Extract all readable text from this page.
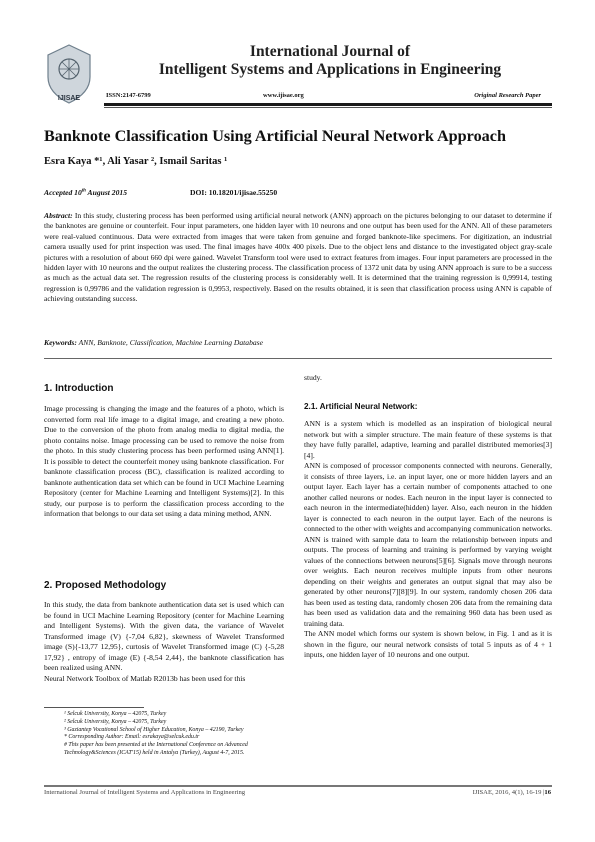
IJISAE
International Journal of
Intelligent Systems and Applications in Engineering
ISSN:2147-6799	www.ijisae.org	Original Research Paper
Banknote Classification Using Artificial Neural Network Approach
Esra Kaya *¹, Ali Yasar ², Ismail Saritas ¹
Accepted 10th August 2015	DOI: 10.18201/ijisae.55250
Abstract: In this study, clustering process has been performed using artificial neural network (ANN) approach on the pictures belonging to our dataset to determine if the banknotes are genuine or counterfeit. Four input parameters, one hidden layer with 10 neurons and one output has been used for the ANN. All of these parameters were real-valued continuous. Data were extracted from images that were taken from genuine and forged banknote-like specimens. For digitization, an industrial camera usually used for print inspection was used. The final images have 400x 400 pixels. Due to the object lens and distance to the investigated object gray-scale pictures with a resolution of about 660 dpi were gained. Wavelet Transform tool were used to extract features from images. Four input parameters are processed in the hidden layer with 10 neurons and the output realizes the clustering process. The classification process of 1372 unit data by using ANN approach is sure to be a success as much as the actual data set. The regression results of the clustering process is considerably well. It is determined that the training regression is 0,99914, testing regression is 0,99786 and the validation regression is 0,9953, respectively. Based on the results obtained, it is seen that classification process using ANN is capable of achieving outstanding success.
Keywords: ANN, Banknote, Classification, Machine Learning Database
1. Introduction

Image processing is changing the image and the features of a photo, which is converted form real life image to a digital image, and creating a new photo. Due to the conversion of the photo from analog media to digital media, the photo contains noise. Image processing can be used to remove the noise from the photo. In this study clustering process has been performed using ANN[1]. It is possible to detect the counterfeit money using banknote classification. For banknote classification process (BC), classification is realized according to banknote authentication data set which can be found in UCI Machine Learning Repository (center for Machine Learning and Intelligent Systems)[2]. In this study, our purpose is to perform the classification process according to the information that belongs to our data set using a data mining method, ANN.

2. Proposed Methodology

In this study, the data from banknote authentication data set is used which can be found in UCI Machine Learning Repository (center for Machine Learning and Intelligent Systems). With the given data, the variance of Wavelet Transformed image (V) {-7,04 6,82}, skewness of Wavelet Transformed image (S){-13,77 12,95}, curtosis of Wavelet Transformed image (C) {-5,28 17,92} , entropy of image (E) {-8,54 2,44}, the banknote classification has been realized using ANN.

Neural Network Toolbox of Matlab R2013b has been used for this

¹ Selcuk University, Konya – 42075, Turkey
² Selcuk University, Konya – 42075, Turkey
³ Gaziantep Vocational School of Higher Education, Konya – 42190, Turkey
* Corresponding Author: Email: esrakaya@selcuk.edu.tr
# This paper has been presented at the International Conference on Advanced Technology&Sciences (ICAT'15) held in Antalya (Turkey), August 4-7, 2015.
study.
2.1. Artificial Neural Network:

ANN is a system which is modelled as an inspiration of biological neural network but with a simpler structure. The main feature of these systems is that they have fully parallel, adaptive, learning and parallel distributed memories[3][4].

ANN is composed of processor components connected with neurons. Generally, it consists of three layers, i.e. an input layer, one or more hidden layers and an output layer. Each layer has a certain number of components attached to one another called neurons or nodes. Each neuron in the input layer is connected to each neuron in the intermediate(hidden) layer. Also, each neuron in the hidden layer is connected to each neuron in the output layer. Each of the neurons is connected to the other with weights and accompanying communication networks. ANN is trained with sample data to learn the relationship between inputs and outputs. The process of learning and training is performed by varying weight values of the connections between neurons[5][6]. Signals move through neurons over weights. Each neuron receives multiple inputs from other neurons depending on their weights and generates an output signal that may also be generated by other neurons[7][8][9]. In our system, randomly chosen 206 data has been used as testing data, randomly chosen 206 data from the remaining data has been used as validation data and the remaining 960 data has been used as training data.

The ANN model which forms our system is shown below, in Fig. 1 and as it is shown in the figure, our neural network consists of total 5 inputs as of 4 + 1 inputs, one hidden layer of 10 neurons and one output.

International Journal of Intelligent Systems and Applications in Engineering	IJISAE, 2016, 4(1), 16-19 |16
